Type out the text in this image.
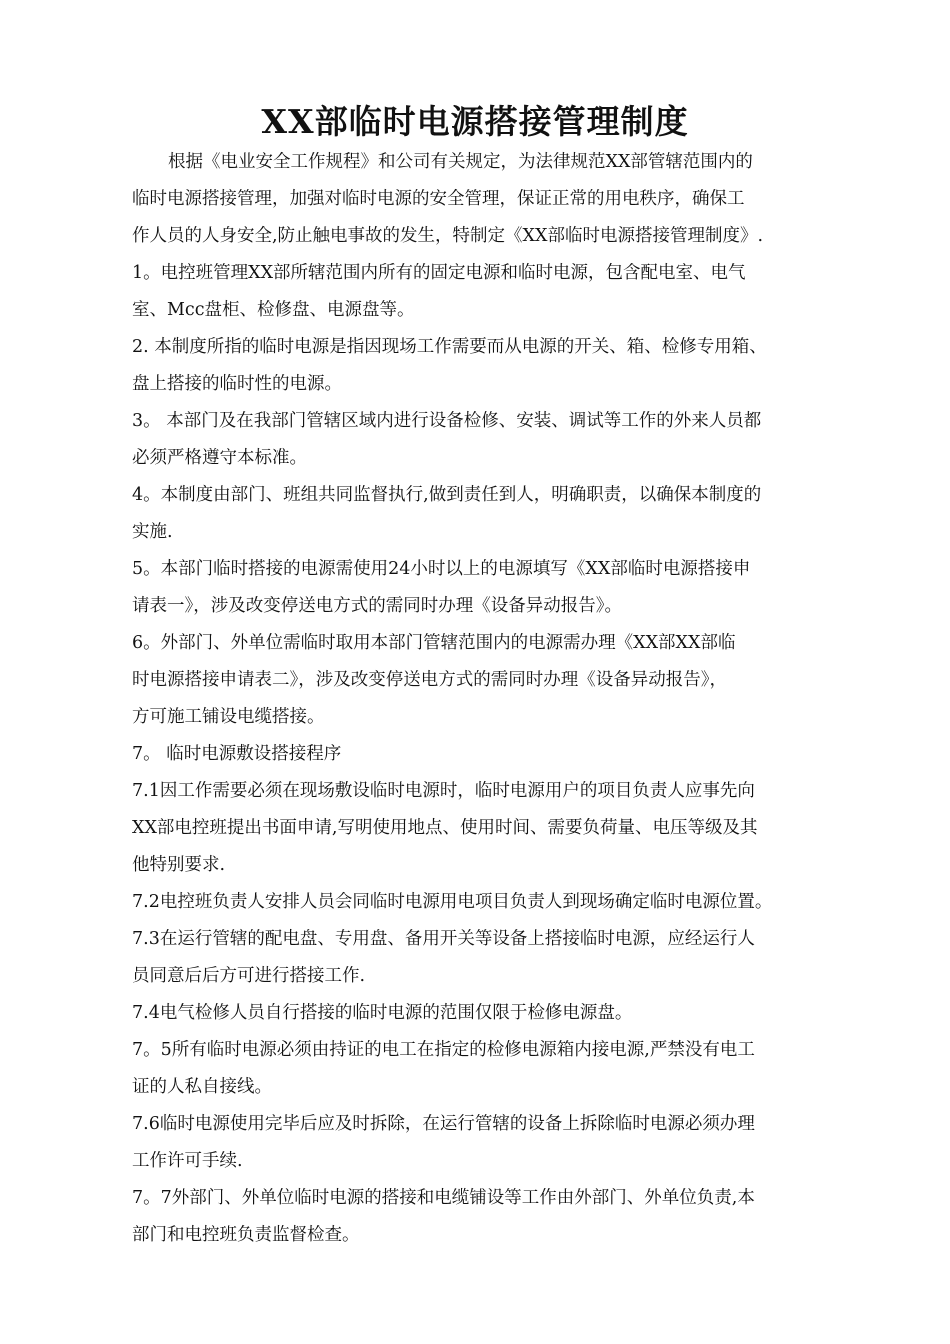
XX部临时电源搭接管理制度

根据《电业安全工作规程》和公司有关规定，为法律规范XX部管辖范围内的
临时电源搭接管理，加强对临时电源的安全管理，保证正常的用电秩序，确保工
作人员的人身安全,防止触电事故的发生，特制定《XX部临时电源搭接管理制度》.

1。电控班管理XX部所辖范围内所有的固定电源和临时电源，包含配电室、电气
室、Mcc盘柜、检修盘、电源盘等。

2. 本制度所指的临时电源是指因现场工作需要而从电源的开关、箱、检修专用箱、
盘上搭接的临时性的电源。

3。 本部门及在我部门管辖区域内进行设备检修、安装、调试等工作的外来人员都
必须严格遵守本标准。

4。本制度由部门、班组共同监督执行,做到责任到人，明确职责，以确保本制度的
实施.

5。本部门临时搭接的电源需使用24小时以上的电源填写《XX部临时电源搭接申
请表一》，涉及改变停送电方式的需同时办理《设备异动报告》。

6。外部门、外单位需临时取用本部门管辖范围内的电源需办理《XX部XX部临
时电源搭接申请表二》，涉及改变停送电方式的需同时办理《设备异动报告》，
方可施工铺设电缆搭接。

7。 临时电源敷设搭接程序

7.1因工作需要必须在现场敷设临时电源时，临时电源用户的项目负责人应事先向
XX部电控班提出书面申请,写明使用地点、使用时间、需要负荷量、电压等级及其
他特别要求.

7.2电控班负责人安排人员会同临时电源用电项目负责人到现场确定临时电源位置。

7.3在运行管辖的配电盘、专用盘、备用开关等设备上搭接临时电源，应经运行人
员同意后后方可进行搭接工作.

7.4电气检修人员自行搭接的临时电源的范围仅限于检修电源盘。

7。5所有临时电源必须由持证的电工在指定的检修电源箱内接电源,严禁没有电工
证的人私自接线。

7.6临时电源使用完毕后应及时拆除，在运行管辖的设备上拆除临时电源必须办理
工作许可手续.

7。7外部门、外单位临时电源的搭接和电缆铺设等工作由外部门、外单位负责,本
部门和电控班负责监督检查。
